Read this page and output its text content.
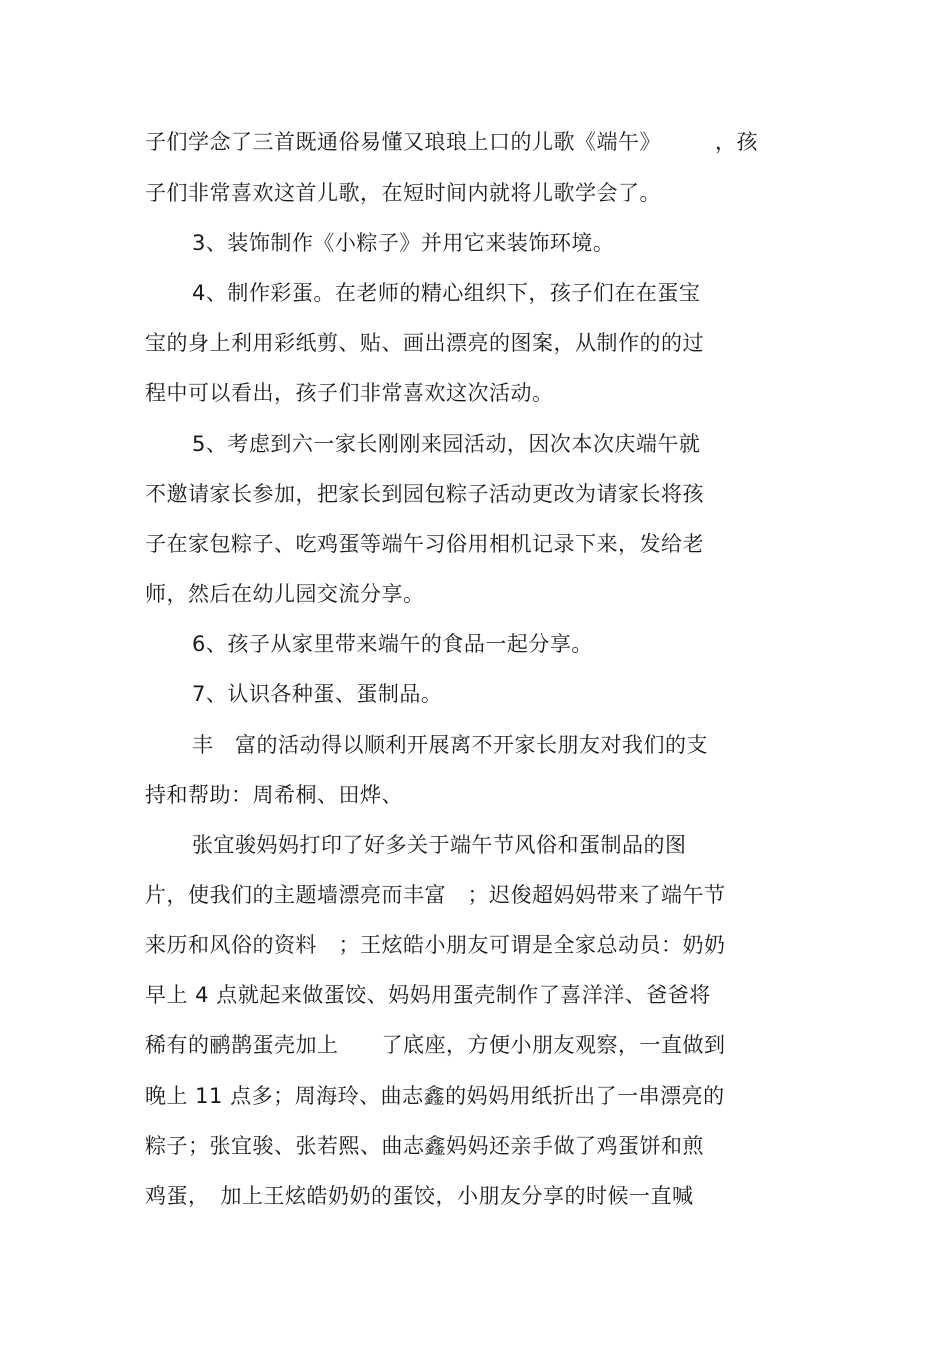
子们学念了三首既通俗易懂又琅琅上口的儿歌《端午》　　　，孩
子们非常喜欢这首儿歌，在短时间内就将儿歌学会了。
3、装饰制作《小粽子》并用它来装饰环境。
4、制作彩蛋。在老师的精心组织下，孩子们在在蛋宝
宝的身上利用彩纸剪、贴、画出漂亮的图案，从制作的的过
程中可以看出，孩子们非常喜欢这次活动。
5、考虑到六一家长刚刚来园活动，因次本次庆端午就
不邀请家长参加，把家长到园包粽子活动更改为请家长将孩
子在家包粽子、吃鸡蛋等端午习俗用相机记录下来，发给老
师，然后在幼儿园交流分享。
6、孩子从家里带来端午的食品一起分享。
7、认识各种蛋、蛋制品。
丰　富的活动得以顺利开展离不开家长朋友对我们的支
持和帮助：周希桐、田烨、
张宜骏妈妈打印了好多关于端午节风俗和蛋制品的图
片，使我们的主题墙漂亮而丰富　；迟俊超妈妈带来了端午节
来历和风俗的资料　；王炫皓小朋友可谓是全家总动员：奶奶
早上 4 点就起来做蛋饺、妈妈用蛋壳制作了喜洋洋、爸爸将
稀有的鹂鹊蛋壳加上　　了底座，方便小朋友观察，一直做到
晚上 11 点多；周海玲、曲志鑫的妈妈用纸折出了一串漂亮的
粽子；张宜骏、张若熙、曲志鑫妈妈还亲手做了鸡蛋饼和煎
鸡蛋，　加上王炫皓奶奶的蛋饺，小朋友分享的时候一直喊
